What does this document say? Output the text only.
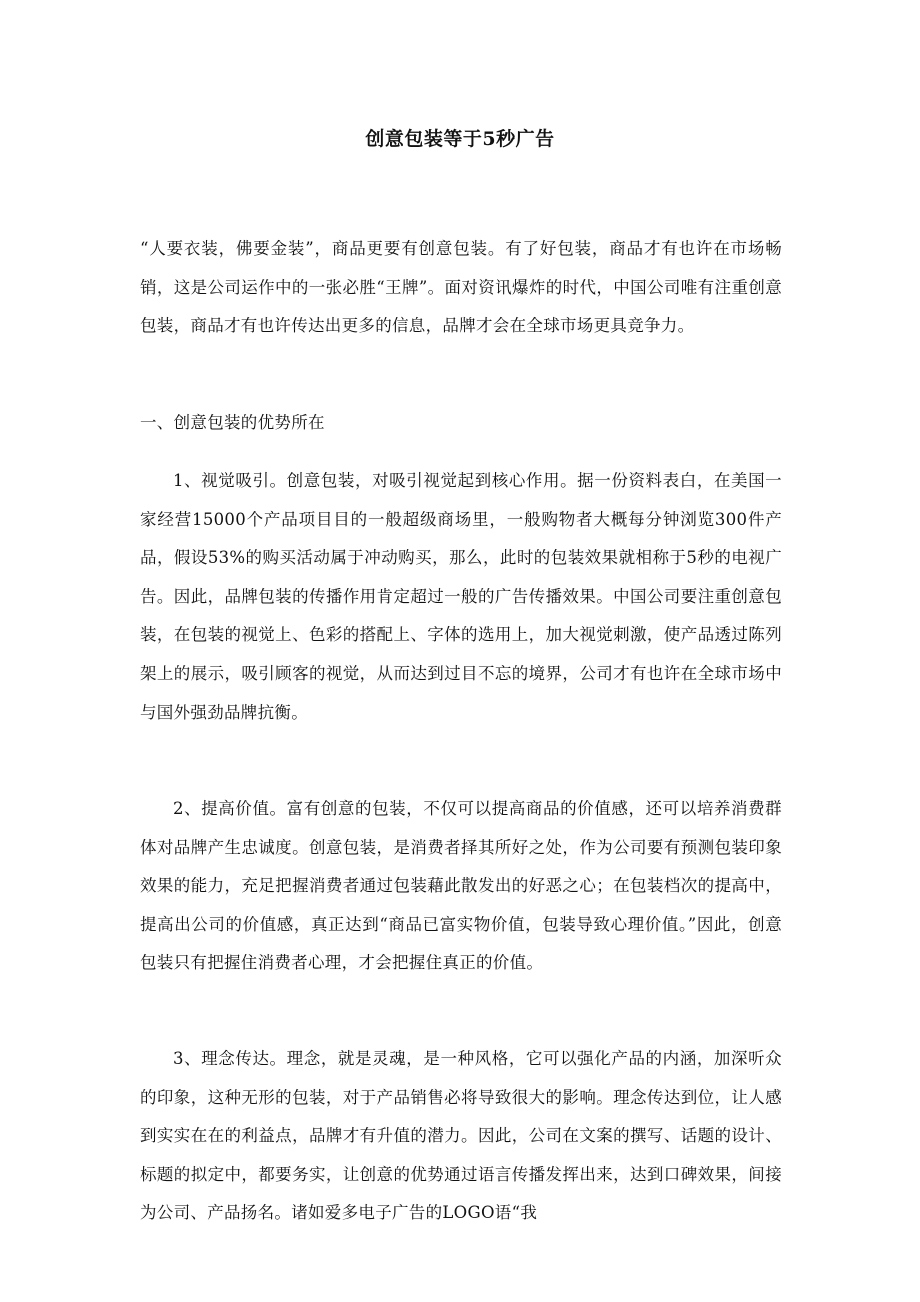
创意包装等于5秒广告

“人要衣装，佛要金装”，商品更要有创意包装。有了好包装，商品才有也许在市场畅销，这是公司运作中的一张必胜“王牌”。面对资讯爆炸的时代，中国公司唯有注重创意包装，商品才有也许传达出更多的信息，品牌才会在全球市场更具竞争力。

一、创意包装的优势所在

1、视觉吸引。创意包装，对吸引视觉起到核心作用。据一份资料表白，在美国一家经营15000个产品项目目的一般超级商场里，一般购物者大概每分钟浏览300件产品，假设53%的购买活动属于冲动购买，那么，此时的包装效果就相称于5秒的电视广告。因此，品牌包装的传播作用肯定超过一般的广告传播效果。中国公司要注重创意包装，在包装的视觉上、色彩的搭配上、字体的选用上，加大视觉刺激，使产品透过陈列架上的展示，吸引顾客的视觉，从而达到过目不忘的境界，公司才有也许在全球市场中与国外强劲品牌抗衡。

2、提高价值。富有创意的包装，不仅可以提高商品的价值感，还可以培养消费群体对品牌产生忠诚度。创意包装，是消费者择其所好之处，作为公司要有预测包装印象效果的能力，充足把握消费者通过包装藉此散发出的好恶之心；在包装档次的提高中，提高出公司的价值感，真正达到“商品已富实物价值，包装导致心理价值。”因此，创意包装只有把握住消费者心理，才会把握住真正的价值。

3、理念传达。理念，就是灵魂，是一种风格，它可以强化产品的内涵，加深听众的印象，这种无形的包装，对于产品销售必将导致很大的影响。理念传达到位，让人感到实实在在的利益点，品牌才有升值的潜力。因此，公司在文案的撰写、话题的设计、标题的拟定中，都要务实，让创意的优势通过语言传播发挥出来，达到口碑效果，间接为公司、产品扬名。诸如爱多电子广告的LOGO语“我
